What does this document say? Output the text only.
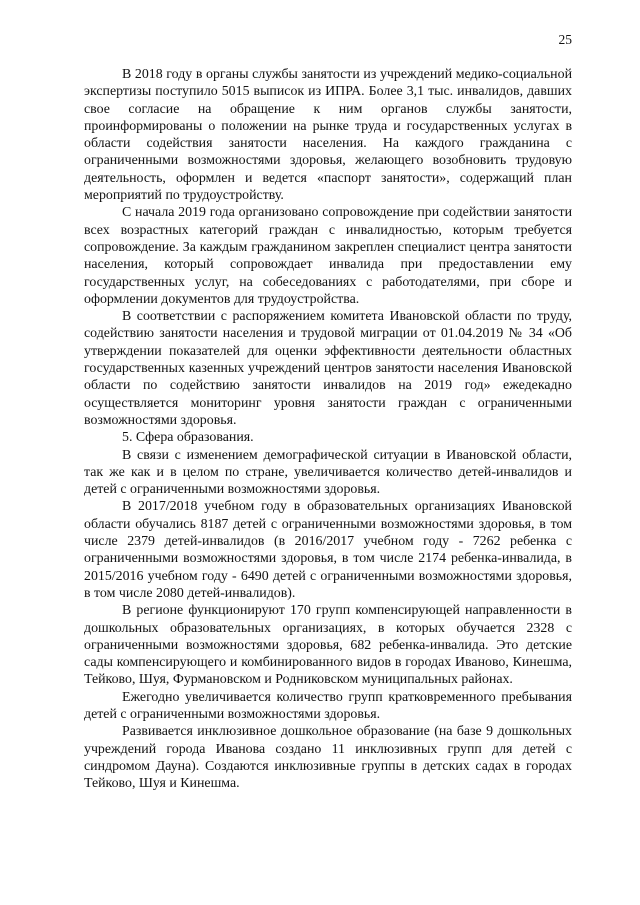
25

В 2018 году в органы службы занятости из учреждений медико-социальной экспертизы поступило 5015 выписок из ИПРА. Более 3,1 тыс. инвалидов, давших свое согласие на обращение к ним органов службы занятости, проинформированы о положении на рынке труда и государственных услугах в области содействия занятости населения. На каждого гражданина с ограниченными возможностями здоровья, желающего возобновить трудовую деятельность, оформлен и ведется «паспорт занятости», содержащий план мероприятий по трудоустройству.

С начала 2019 года организовано сопровождение при содействии занятости всех возрастных категорий граждан с инвалидностью, которым требуется сопровождение. За каждым гражданином закреплен специалист центра занятости населения, который сопровождает инвалида при предоставлении ему государственных услуг, на собеседованиях с работодателями, при сборе и оформлении документов для трудоустройства.

В соответствии с распоряжением комитета Ивановской области по труду, содействию занятости населения и трудовой миграции от 01.04.2019 № 34 «Об утверждении показателей для оценки эффективности деятельности областных государственных казенных учреждений центров занятости населения Ивановской области по содействию занятости инвалидов на 2019 год» ежедекадно осуществляется мониторинг уровня занятости граждан с ограниченными возможностями здоровья.

5. Сфера образования.

В связи с изменением демографической ситуации в Ивановской области, так же как и в целом по стране, увеличивается количество детей-инвалидов и детей с ограниченными возможностями здоровья.

В 2017/2018 учебном году в образовательных организациях Ивановской области обучались 8187 детей с ограниченными возможностями здоровья, в том числе 2379 детей-инвалидов (в 2016/2017 учебном году - 7262 ребенка с ограниченными возможностями здоровья, в том числе 2174 ребенка-инвалида, в 2015/2016 учебном году - 6490 детей с ограниченными возможностями здоровья, в том числе 2080 детей-инвалидов).

В регионе функционируют 170 групп компенсирующей направленности в дошкольных образовательных организациях, в которых обучается 2328 с ограниченными возможностями здоровья, 682 ребенка-инвалида. Это детские сады компенсирующего и комбинированного видов в городах Иваново, Кинешма, Тейково, Шуя, Фурмановском и Родниковском муниципальных районах.

Ежегодно увеличивается количество групп кратковременного пребывания детей с ограниченными возможностями здоровья.

Развивается инклюзивное дошкольное образование (на базе 9 дошкольных учреждений города Иванова создано 11 инклюзивных групп для детей с синдромом Дауна). Создаются инклюзивные группы в детских садах в городах Тейково, Шуя и Кинешма.
